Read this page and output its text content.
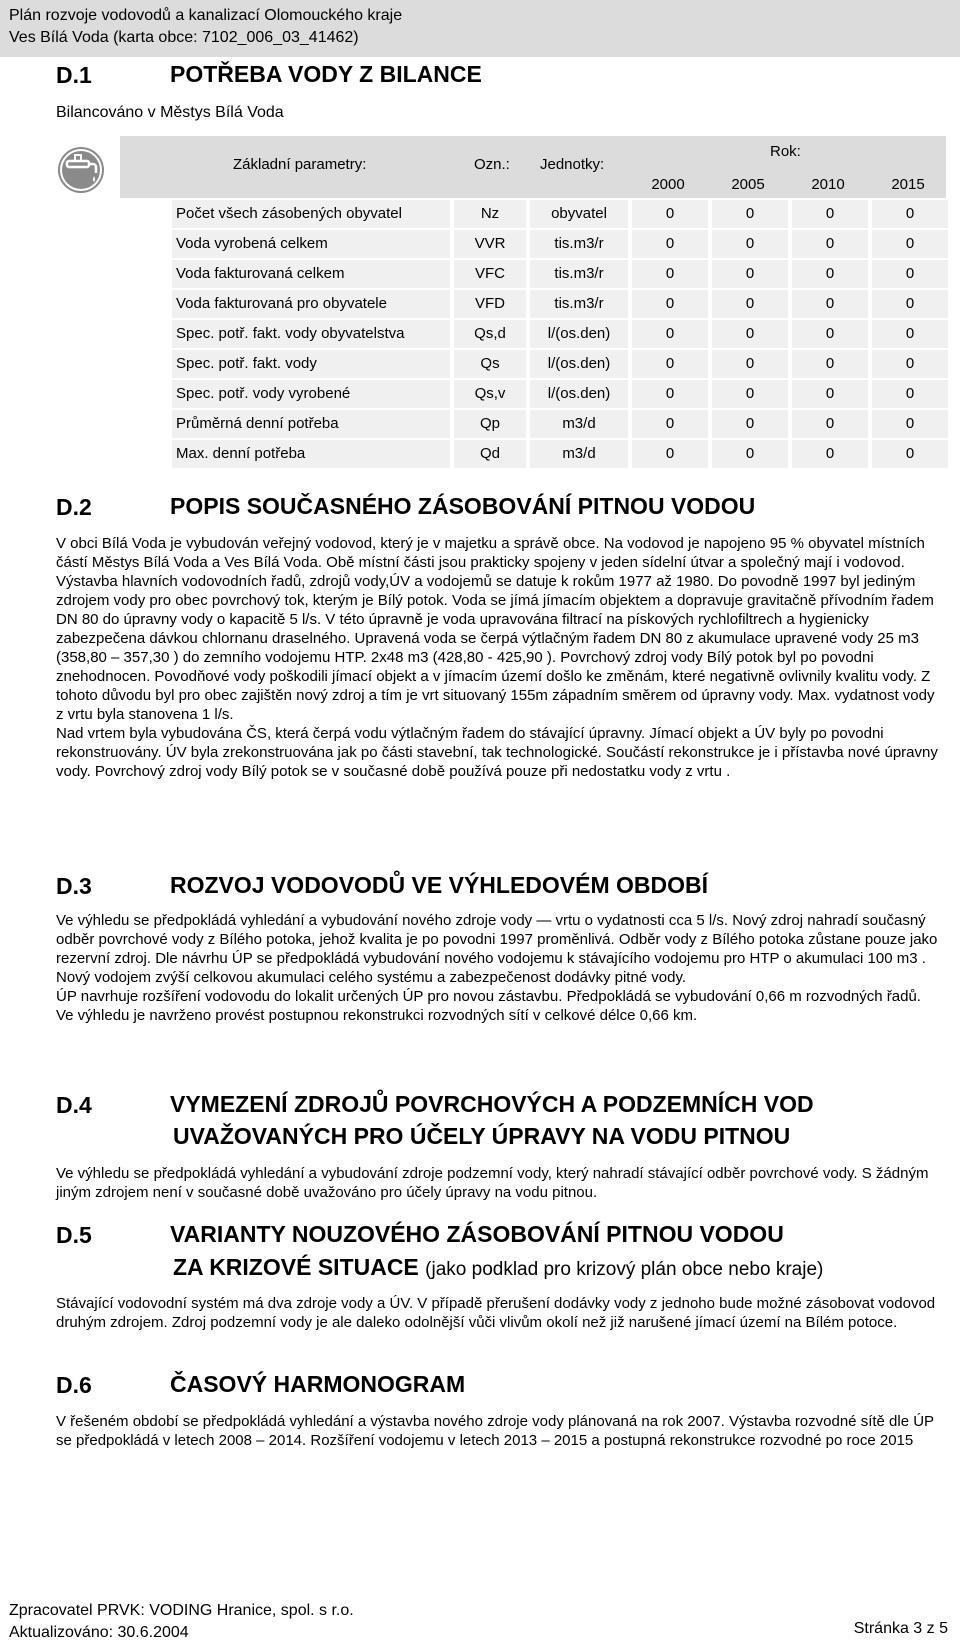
Plán rozvoje vodovodů a kanalizací Olomouckého kraje
Ves Bílá Voda (karta obce: 7102_006_03_41462)
D.1	POTŘEBA VODY Z BILANCE
Bilancováno v Městys Bílá Voda
Základní parametry:	Ozn.: Jednotky:
Rok:
2000	2005	2010	2015
Počet všech zásobených obyvatel	Nz	obyvatel	0	0	0	0
Voda vyrobená celkem	VVR	tis.m3/r	0	0	0	0
Voda fakturovaná celkem	VFC	tis.m3/r	0	0	0	0
Voda fakturovaná pro obyvatele	VFD	tis.m3/r	0	0	0	0
Spec. potř. fakt. vody obyvatelstva	Qs,d	l/(os.den)	0	0	0	0
Spec. potř. fakt. vody	Qs	l/(os.den)	0	0	0	0
Spec. potř. vody vyrobené	Qs,v	l/(os.den)	0	0	0	0
Průměrná denní potřeba	Qp	m3/d	0	0	0	0
Max. denní potřeba	Qd	m3/d	0	0	0	0
D.2	POPIS SOUČASNÉHO ZÁSOBOVÁNÍ PITNOU VODOU

V obci Bílá Voda je vybudován veřejný vodovod, který je v majetku a správě obce. Na vodovod je napojeno 95 % obyvatel místních částí Městys Bílá Voda a Ves Bílá Voda. Obě místní části jsou prakticky spojeny v jeden sídelní útvar a společný mají i vodovod.

Výstavba hlavních vodovodních řadů, zdrojů vody,ÚV a vodojemů se datuje k rokům 1977 až 1980. Do povodně 1997 byl jediným zdrojem vody pro obec povrchový tok, kterým je Bílý potok. Voda se jímá jímacím objektem a dopravuje gravitačně přívodním řadem DN 80 do úpravny vody o kapacitě 5 l/s. V této úpravně je voda upravována filtrací na pískových rychlofiltrech a hygienicky zabezpečena dávkou chlornanu draselného. Upravená voda se čerpá výtlačným řadem DN 80 z akumulace upravené vody 25 m3 (358,80 – 357,30 ) do zemního vodojemu HTP. 2x48 m3 (428,80 - 425,90 ). Povrchový zdroj vody Bílý potok byl po povodni znehodnocen. Povodňové vody poškodili jímací objekt a v jímacím území došlo ke změnám, které negativně ovlivnily kvalitu vody. Z tohoto důvodu byl pro obec zajištěn nový zdroj a tím je vrt situovaný 155m západním směrem od úpravny vody. Max. vydatnost vody z vrtu byla stanovena 1 l/s.

Nad vrtem byla vybudována ČS, která čerpá vodu výtlačným řadem do stávající úpravny. Jímací objekt a ÚV byly po povodni rekonstruovány. ÚV byla zrekonstruována jak po části stavební, tak technologické. Součástí rekonstrukce je i přístavba nové úpravny vody. Povrchový zdroj vody Bílý potok se v současné době používá pouze při nedostatku vody z vrtu .

D.3	ROZVOJ VODOVODŮ VE VÝHLEDOVÉM OBDOBÍ

Ve výhledu se předpokládá vyhledání a vybudování nového zdroje vody — vrtu o vydatnosti cca 5 l/s. Nový zdroj nahradí současný odběr povrchové vody z Bílého potoka, jehož kvalita je po povodni 1997 proměnlivá. Odběr vody z Bílého potoka zůstane pouze jako rezervní zdroj. Dle návrhu ÚP se předpokládá vybudování nového vodojemu k stávajícího vodojemu pro HTP o akumulaci 100 m3 . Nový vodojem zvýší celkovou akumulaci celého systému a zabezpečenost dodávky pitné vody.

ÚP navrhuje rozšíření vodovodu do lokalit určených ÚP pro novou zástavbu. Předpokládá se vybudování 0,66 m rozvodných řadů.

Ve výhledu je navrženo provést postupnou rekonstrukci rozvodných sítí v celkové délce 0,66 km.

D.4	VYMEZENÍ ZDROJŮ POVRCHOVÝCH A PODZEMNÍCH VOD
UVAŽOVANÝCH PRO ÚČELY ÚPRAVY NA VODU PITNOU

Ve výhledu se předpokládá vyhledání a vybudování zdroje podzemní vody, který nahradí stávající odběr povrchové vody. S žádným jiným zdrojem není v současné době uvažováno pro účely úpravy na vodu pitnou.

D.5	VARIANTY NOUZOVÉHO ZÁSOBOVÁNÍ PITNOU VODOU
ZA KRIZOVÉ SITUACE (jako podklad pro krizový plán obce nebo kraje)

Stávající vodovodní systém má dva zdroje vody a ÚV. V případě přerušení dodávky vody z jednoho bude možné zásobovat vodovod druhým zdrojem. Zdroj podzemní vody je ale daleko odolnější vůči vlivům okolí než již narušené jímací území na Bílém potoce.

D.6	ČASOVÝ HARMONOGRAM

V řešeném období se předpokládá vyhledání a výstavba nového zdroje vody plánovaná na rok 2007. Výstavba rozvodné sítě dle ÚP se předpokládá v letech 2008 – 2014. Rozšíření vodojemu v letech 2013 – 2015 a postupná rekonstrukce rozvodné po roce 2015

Zpracovatel PRVK: VODING Hranice, spol. s r.o.
Aktualizováno: 30.6.2004	Stránka 3 z 5
